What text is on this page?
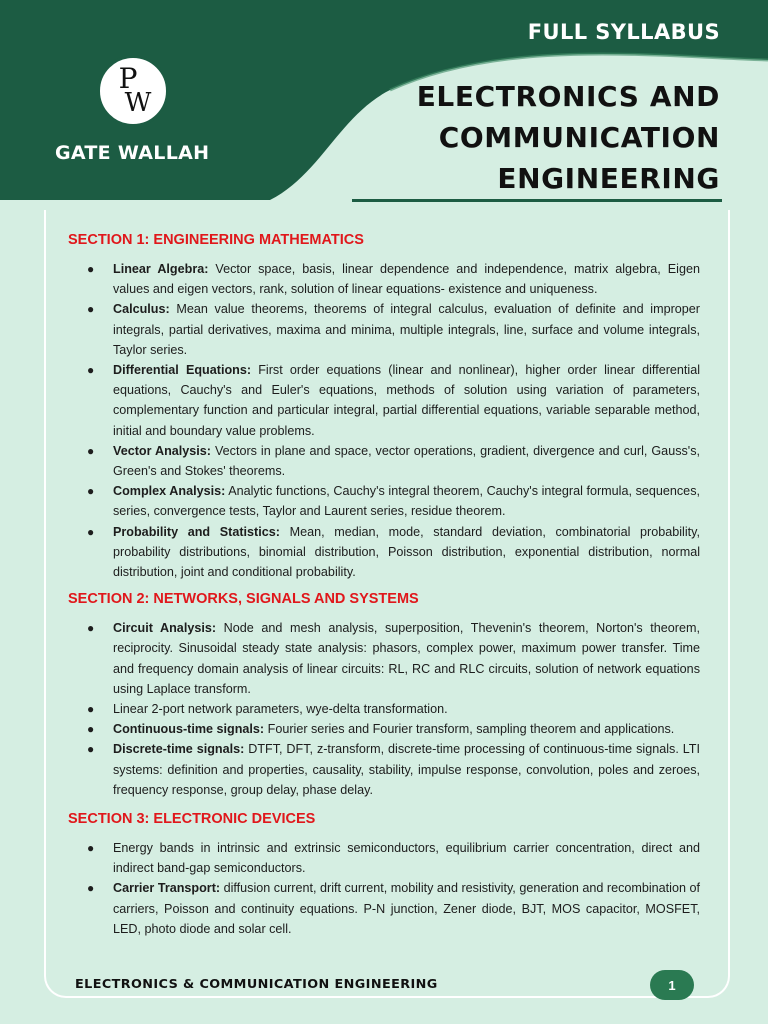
P
W
GATE WALLAH
FULL SYLLABUS
ELECTRONICS AND
COMMUNICATION
ENGINEERING
SECTION 1: ENGINEERING MATHEMATICS
● Linear Algebra: Vector space, basis, linear dependence and independence, matrix algebra, Eigen values and eigen vectors, rank, solution of linear equations- existence and uniqueness.
● Calculus: Mean value theorems, theorems of integral calculus, evaluation of definite and improper integrals, partial derivatives, maxima and minima, multiple integrals, line, surface and volume integrals, Taylor series.
● Differential Equations: First order equations (linear and nonlinear), higher order linear differential equations, Cauchy's and Euler's equations, methods of solution using variation of parameters, complementary function and particular integral, partial differential equations, variable separable method, initial and boundary value problems.
● Vector Analysis: Vectors in plane and space, vector operations, gradient, divergence and curl, Gauss's, Green's and Stokes' theorems.
● Complex Analysis: Analytic functions, Cauchy's integral theorem, Cauchy's integral formula, sequences, series, convergence tests, Taylor and Laurent series, residue theorem.
● Probability and Statistics: Mean, median, mode, standard deviation, combinatorial probability, probability distributions, binomial distribution, Poisson distribution, exponential distribution, normal distribution, joint and conditional probability.
SECTION 2: NETWORKS, SIGNALS AND SYSTEMS
● Circuit Analysis: Node and mesh analysis, superposition, Thevenin's theorem, Norton's theorem, reciprocity. Sinusoidal steady state analysis: phasors, complex power, maximum power transfer. Time and frequency domain analysis of linear circuits: RL, RC and RLC circuits, solution of network equations using Laplace transform.
● Linear 2-port network parameters, wye-delta transformation.
● Continuous-time signals: Fourier series and Fourier transform, sampling theorem and applications.
● Discrete-time signals: DTFT, DFT, z-transform, discrete-time processing of continuous-time signals. LTI systems: definition and properties, causality, stability, impulse response, convolution, poles and zeroes, frequency response, group delay, phase delay.
SECTION 3: ELECTRONIC DEVICES
● Energy bands in intrinsic and extrinsic semiconductors, equilibrium carrier concentration, direct and indirect band-gap semiconductors.
● Carrier Transport: diffusion current, drift current, mobility and resistivity, generation and recombination of carriers, Poisson and continuity equations. P-N junction, Zener diode, BJT, MOS capacitor, MOSFET, LED, photo diode and solar cell.
ELECTRONICS & COMMUNICATION ENGINEERING	1
